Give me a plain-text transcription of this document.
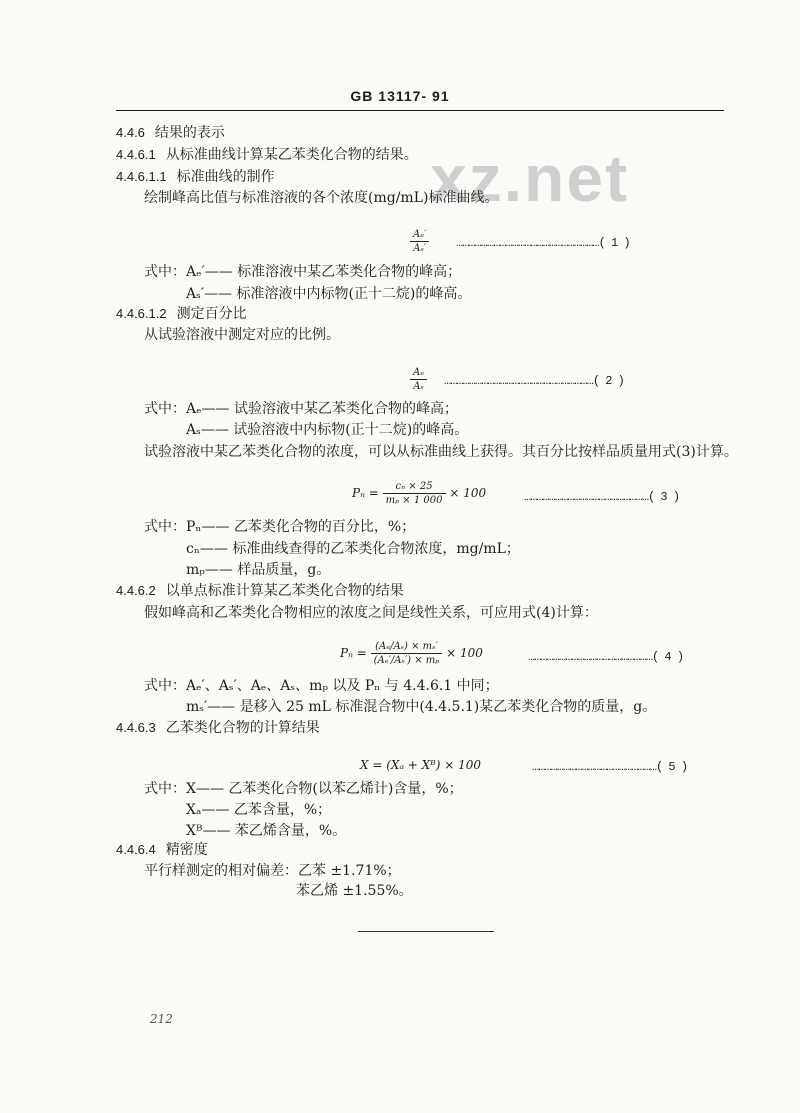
xz.net
GB 13117- 91
4.4.6 结果的表示
4.4.6.1 从标准曲线计算某乙苯类化合物的结果。
4.4.6.1.1 标准曲线的制作
绘制峰高比值与标准溶液的各个浓度(mg/mL)标准曲线。
$\frac{\text{Aₑ′}}{\text{Aₛ′}}$ ……………………………………………………………( 1 )
式中： Aₑ′—— 标准溶液中某乙苯类化合物的峰高；
Aₛ′—— 标准溶液中内标物(正十二烷)的峰高。
4.4.6.1.2 测定百分比
从试验溶液中测定对应的比例。
$\frac{\text{Aₑ}}{\text{Aₛ}}$ ………………………………………………………………( 2 )
式中： Aₑ—— 试验溶液中某乙苯类化合物的峰高；
Aₛ—— 试验溶液中内标物(正十二烷)的峰高。
试验溶液中某乙苯类化合物的浓度，可以从标准曲线上获得。其百分比按样品质量用式(3)计算。
$P_n = \frac{\text{cₙ × 25}}{\text{mₚ × 1 000}} \times 100$	……………………………………………………( 3 )
式中： Pₙ—— 乙苯类化合物的百分比，%；
cₙ—— 标准曲线查得的乙苯类化合物浓度，mg/mL；
mₚ—— 样品质量，g。
4.4.6.2 以单点标准计算某乙苯类化合物的结果
假如峰高和乙苯类化合物相应的浓度之间是线性关系，可应用式(4)计算：
$P_n = \frac{\text{(Aₑ/Aₛ) × mₛ′}}{\text{(Aₑ′/Aₛ′) × mₚ}} \times 100$	……………………………………………………( 4 )
式中： Aₑ′、Aₛ′、Aₑ、Aₛ、mₚ 以及 Pₙ 与 4.4.6.1 中同；
mₛ′—— 是移入 25 mL 标准混合物中(4.4.5.1)某乙苯类化合物的质量，g。
4.4.6.3 乙苯类化合物的计算结果
X = (Xₐ + Xᴮ) × 100	……………………………………………………( 5 )
式中： X—— 乙苯类化合物(以苯乙烯计)含量，%；
Xₐ—— 乙苯含量，%；
Xᴮ—— 苯乙烯含量，%。
4.4.6.4 精密度
平行样测定的相对偏差：乙苯 ±1.71%；
苯乙烯 ±1.55%。
212
